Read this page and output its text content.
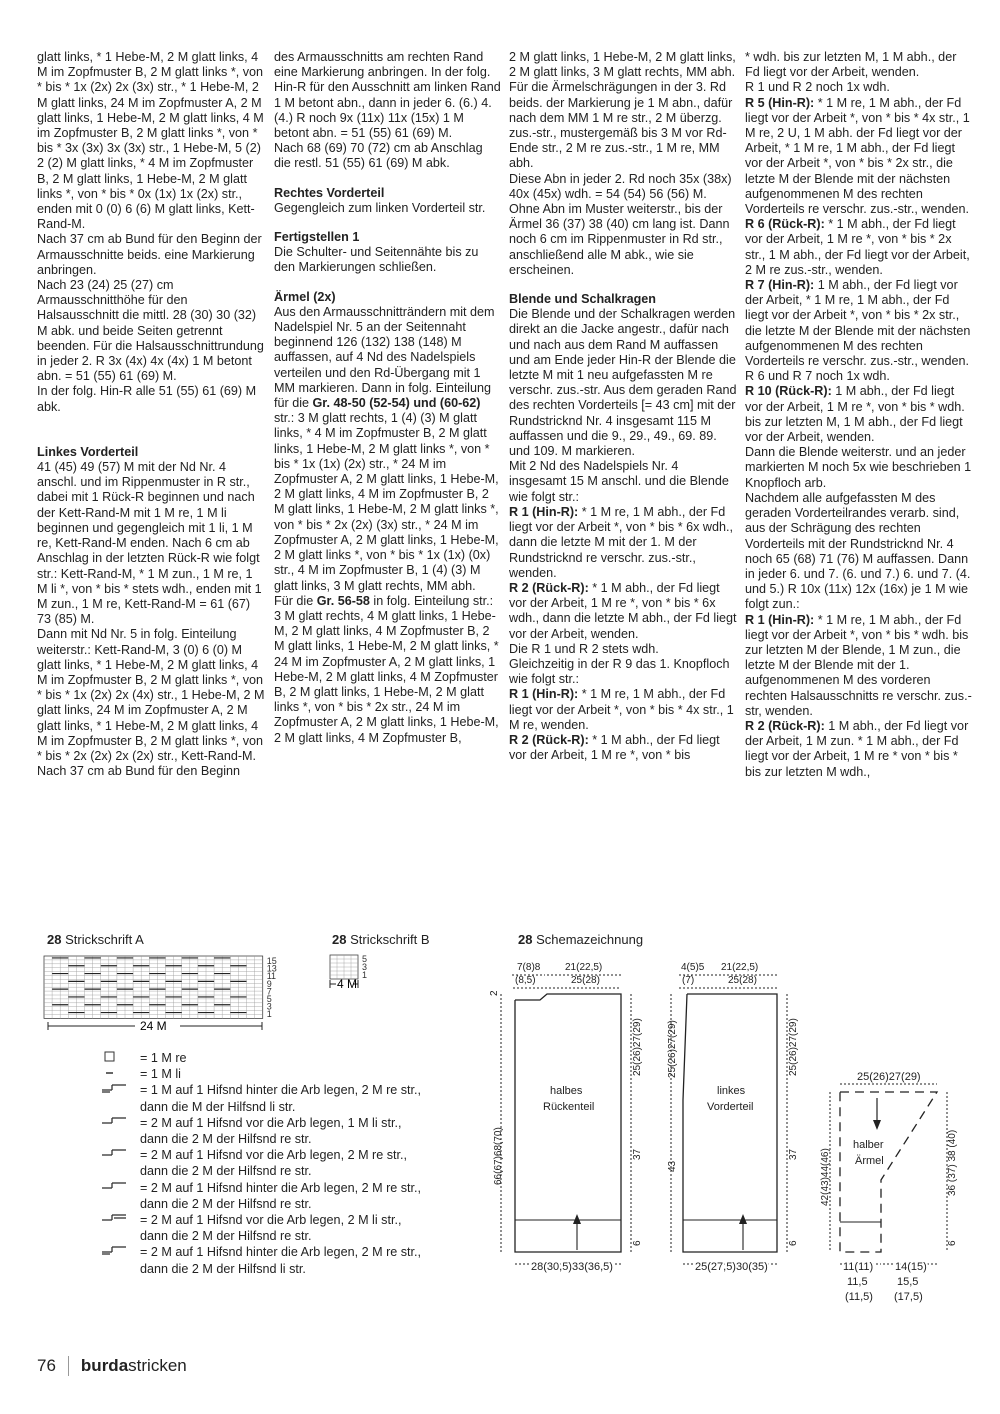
glatt links, * 1 Hebe-M, 2 M glatt links, 4 M im Zopfmuster B, 2 M glatt links *, von * bis * 1x (2x) 2x (3x) str., * 1 Hebe-M, 2 M glatt links, 24 M im Zopfmuster A, 2 M glatt links, 1 Hebe-M, 2 M glatt links, 4 M im Zopfmuster B, 2 M glatt links *, von * bis * 3x (3x) 3x (3x) str., 1 Hebe-M, 5 (2) 2 (2) M glatt links, * 4 M im Zopfmuster B, 2 M glatt links, 1 Hebe-M, 2 M glatt links *, von * bis * 0x (1x) 1x (2x) str., enden mit 0 (0) 6 (6) M glatt links, Kett-Rand-M.

Nach 37 cm ab Bund für den Beginn der Armausschnitte beids. eine Markierung anbringen.

Nach 23 (24) 25 (27) cm Armausschnitthöhe für den Halsausschnitt die mittl. 28 (30) 30 (32) M abk. und beide Seiten getrennt beenden. Für die Halsausschnittrundung in jeder 2. R 3x (4x) 4x (4x) 1 M betont abn. = 51 (55) 61 (69) M.

In der folg. Hin-R alle 51 (55) 61 (69) M abk.

Linkes Vorderteil

41 (45) 49 (57) M mit der Nd Nr. 4 anschl. und im Rippenmuster in R str., dabei mit 1 Rück-R beginnen und nach der Kett-Rand-M mit 1 M re, 1 M li beginnen und gegengleich mit 1 li, 1 M re, Kett-Rand-M enden. Nach 6 cm ab Anschlag in der letzten Rück-R wie folgt str.: Kett-Rand-M, * 1 M zun., 1 M re, 1 M li *, von * bis * stets wdh., enden mit 1 M zun., 1 M re, Kett-Rand-M = 61 (67) 73 (85) M.

Dann mit Nd Nr. 5 in folg. Einteilung weiterstr.: Kett-Rand-M, 3 (0) 6 (0) M glatt links, * 1 Hebe-M, 2 M glatt links, 4 M im Zopfmuster B, 2 M glatt links *, von * bis * 1x (2x) 2x (4x) str., 1 Hebe-M, 2 M glatt links, 24 M im Zopfmuster A, 2 M glatt links, * 1 Hebe-M, 2 M glatt links, 4 M im Zopfmuster B, 2 M glatt links *, von * bis * 2x (2x) 2x (2x) str., Kett-Rand-M. Nach 37 cm ab Bund für den Beginn

des Armausschnitts am rechten Rand eine Markierung anbringen. In der folg. Hin-R für den Ausschnitt am linken Rand 1 M betont abn., dann in jeder 6. (6.) 4. (4.) R noch 9x (11x) 11x (15x) 1 M betont abn. = 51 (55) 61 (69) M.

Nach 68 (69) 70 (72) cm ab Anschlag die restl. 51 (55) 61 (69) M abk.

Rechtes Vorderteil

Gegengleich zum linken Vorderteil str.

Fertigstellen 1

Die Schulter- und Seitennähte bis zu den Markierungen schließen.

Ärmel (2x)

Aus den Armausschnitträndern mit dem Nadelspiel Nr. 5 an der Seitennaht beginnend 126 (132) 138 (148) M auffassen, auf 4 Nd des Nadelspiels verteilen und den Rd-Übergang mit 1 MM markieren. Dann in folg. Einteilung für die Gr. 48-50 (52-54) und (60-62) str.: 3 M glatt rechts, 1 (4) (3) M glatt links, * 4 M im Zopfmuster B, 2 M glatt links, 1 Hebe-M, 2 M glatt links *, von * bis * 1x (1x) (2x) str., * 24 M im Zopfmuster A, 2 M glatt links, 1 Hebe-M, 2 M glatt links, 4 M im Zopfmuster B, 2 M glatt links, 1 Hebe-M, 2 M glatt links *, von * bis * 2x (2x) (3x) str., * 24 M im Zopfmuster A, 2 M glatt links, 1 Hebe-M, 2 M glatt links *, von * bis * 1x (1x) (0x) str., 4 M im Zopfmuster B, 1 (4) (3) M glatt links, 3 M glatt rechts, MM abh.

Für die Gr. 56-58 in folg. Einteilung str.: 3 M glatt rechts, 4 M glatt links, 1 Hebe-M, 2 M glatt links, 4 M Zopfmuster B, 2 M glatt links, 1 Hebe-M, 2 M glatt links, * 24 M im Zopfmuster A, 2 M glatt links, 1 Hebe-M, 2 M glatt links, 4 M Zopfmuster B, 2 M glatt links, 1 Hebe-M, 2 M glatt links *, von * bis * 2x str., 24 M im Zopfmuster A, 2 M glatt links, 1 Hebe-M, 2 M glatt links, 4 M Zopfmuster B,

2 M glatt links, 1 Hebe-M, 2 M glatt links, 2 M glatt links, 3 M glatt rechts, MM abh.

Für die Ärmelschrägungen in der 3. Rd beids. der Markierung je 1 M abn., dafür nach dem MM 1 M re str., 2 M überzg. zus.-str., mustergemäß bis 3 M vor Rd-Ende str., 2 M re zus.-str., 1 M re, MM abh.

Diese Abn in jeder 2. Rd noch 35x (38x) 40x (45x) wdh. = 54 (54) 56 (56) M.

Ohne Abn im Muster weiterstr., bis der Ärmel 36 (37) 38 (40) cm lang ist. Dann noch 6 cm im Rippenmuster in Rd str., anschließend alle M abk., wie sie erscheinen.

Blende und Schalkragen

Die Blende und der Schalkragen werden direkt an die Jacke angestr., dafür nach und nach aus dem Rand M auffassen und am Ende jeder Hin-R der Blende die letzte M mit 1 neu aufgefassten M re verschr. zus.-str. Aus dem geraden Rand des rechten Vorderteils [= 43 cm] mit der Rundstricknd Nr. 4 insgesamt 115 M auffassen und die 9., 29., 49., 69. 89. und 109. M markieren.

Mit 2 Nd des Nadelspiels Nr. 4 insgesamt 15 M anschl. und die Blende wie folgt str.:

R 1 (Hin-R): * 1 M re, 1 M abh., der Fd liegt vor der Arbeit *, von * bis * 6x wdh., dann die letzte M mit der 1. M der Rundstricknd re verschr. zus.-str., wenden.

R 2 (Rück-R): * 1 M abh., der Fd liegt vor der Arbeit, 1 M re *, von * bis * 6x wdh., dann die letzte M abh., der Fd liegt vor der Arbeit, wenden.

Die R 1 und R 2 stets wdh.

Gleichzeitig in der R 9 das 1. Knopfloch wie folgt str.:

R 1 (Hin-R): * 1 M re, 1 M abh., der Fd liegt vor der Arbeit *, von * bis * 4x str., 1 M re, wenden.

R 2 (Rück-R): * 1 M abh., der Fd liegt vor der Arbeit, 1 M re *, von * bis

* wdh. bis zur letzten M, 1 M abh., der Fd liegt vor der Arbeit, wenden.

R 1 und R 2 noch 1x wdh.

R 5 (Hin-R): * 1 M re, 1 M abh., der Fd liegt vor der Arbeit *, von * bis * 4x str., 1 M re, 2 U, 1 M abh. der Fd liegt vor der Arbeit, * 1 M re, 1 M abh., der Fd liegt vor der Arbeit *, von * bis * 2x str., die letzte M der Blende mit der nächsten aufgenommenen M des rechten Vorderteils re verschr. zus.-str., wenden.

R 6 (Rück-R): * 1 M abh., der Fd liegt vor der Arbeit, 1 M re *, von * bis * 2x str., 1 M abh., der Fd liegt vor der Arbeit, 2 M re zus.-str., wenden.

R 7 (Hin-R): 1 M abh., der Fd liegt vor der Arbeit, * 1 M re, 1 M abh., der Fd liegt vor der Arbeit *, von * bis * 2x str., die letzte M der Blende mit der nächsten aufgenommenen M des rechten Vorderteils re verschr. zus.-str., wenden.

R 6 und R 7 noch 1x wdh.

R 10 (Rück-R): 1 M abh., der Fd liegt vor der Arbeit, 1 M re *, von * bis * wdh. bis zur letzten M, 1 M abh., der Fd liegt vor der Arbeit, wenden.

Dann die Blende weiterstr. und an jeder markierten M noch 5x wie beschrieben 1 Knopfloch arb.

Nachdem alle aufgefassten M des geraden Vorderteilrandes verarb. sind, aus der Schrägung des rechten Vorderteils mit der Rundstricknd Nr. 4 noch 65 (68) 71 (76) M auffassen. Dann in jeder 6. und 7. (6. und 7.) 6. und 7. (4. und 5.) R 10x (11x) 12x (16x) je 1 M wie folgt zun.:

R 1 (Hin-R): * 1 M re, 1 M abh., der Fd liegt vor der Arbeit *, von * bis * wdh. bis zur letzten M der Blende, 1 M zun., die letzte M der Blende mit der 1. aufgenommenen M des vorderen rechten Halsausschnitts re verschr. zus.-str, wenden.

R 2 (Rück-R): 1 M abh., der Fd liegt vor der Arbeit, 1 M zun. * 1 M abh., der Fd liegt vor der Arbeit, 1 M re * von * bis * bis zur letzten M wdh.,

28 Strickschrift A	28 Strickschrift B	28 Schemazeichnung
15
13
11
9
7
5
3
1
24 M
5
3
1
4 M
halbes
Rückenteil
7(8)8
(8,5)
21(22,5)
25(28)
2
66(67)68(70)
25(26)27(29)
37
6
28(30,5)33(36,5)
linkes
Vorderteil
4(5)5
(7)
21(22,5)
25(28)
25(26)27(29)
43
25(26)27(29)
37
6
25(27,5)30(35)
halber
Ärmel
25(26)27(29)
42(43)44(46)	36 (37) 38 (40)
6
11(11)
11,5
(11,5)
14(15)
15,5
(17,5)
= 1 M re
= 1 M li
= 1 M auf 1 Hifsnd hinter die Arb legen, 2 M re str., dann die M der Hilfsnd li str.
= 2 M auf 1 Hifsnd vor die Arb legen, 1 M li str., dann die 2 M der Hilfsnd re str.
= 2 M auf 1 Hifsnd vor die Arb legen, 2 M re str., dann die 2 M der Hilfsnd re str.
= 2 M auf 1 Hifsnd hinter die Arb legen, 2 M re str., dann die 2 M der Hilfsnd re str.
= 2 M auf 1 Hifsnd vor die Arb legen, 2 M li str., dann die 2 M der Hilfsnd re str.
= 2 M auf 1 Hifsnd hinter die Arb legen, 2 M re str., dann die 2 M der Hilfsnd li str.
76 burdastricken
